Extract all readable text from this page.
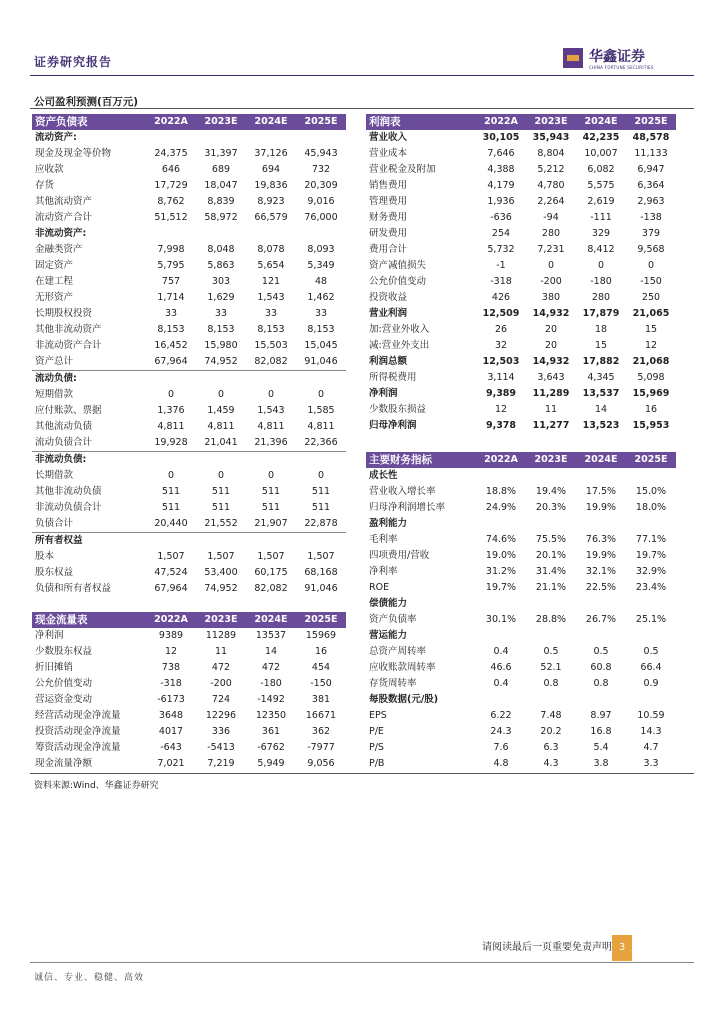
证券研究报告	华鑫证券
CHINA FORTUNE SECURITIES
公司盈利预测(百万元)
资产负债表	2022A	2023E	2024E	2025E
流动资产:				
现金及现金等价物	24,375	31,397	37,126	45,943
应收款	646	689	694	732
存货	17,729	18,047	19,836	20,309
其他流动资产	8,762	8,839	8,923	9,016
流动资产合计	51,512	58,972	66,579	76,000
非流动资产:				
金融类资产	7,998	8,048	8,078	8,093
固定资产	5,795	5,863	5,654	5,349
在建工程	757	303	121	48
无形资产	1,714	1,629	1,543	1,462
长期股权投资	33	33	33	33
其他非流动资产	8,153	8,153	8,153	8,153
非流动资产合计	16,452	15,980	15,503	15,045
资产总计	67,964	74,952	82,082	91,046
流动负债:				
短期借款	0	0	0	0
应付账款、票据	1,376	1,459	1,543	1,585
其他流动负债	4,811	4,811	4,811	4,811
流动负债合计	19,928	21,041	21,396	22,366
非流动负债:				
长期借款	0	0	0	0
其他非流动负债	511	511	511	511
非流动负债合计	511	511	511	511
负债合计	20,440	21,552	21,907	22,878
所有者权益				
股本	1,507	1,507	1,507	1,507
股东权益	47,524	53,400	60,175	68,168
负债和所有者权益	67,964	74,952	82,082	91,046
利润表	2022A	2023E	2024E	2025E
营业收入	30,105	35,943	42,235	48,578
营业成本	7,646	8,804	10,007	11,133
营业税金及附加	4,388	5,212	6,082	6,947
销售费用	4,179	4,780	5,575	6,364
管理费用	1,936	2,264	2,619	2,963
财务费用	-636	-94	-111	-138
研发费用	254	280	329	379
费用合计	5,732	7,231	8,412	9,568
资产减值损失	-1	0	0	0
公允价值变动	-318	-200	-180	-150
投资收益	426	380	280	250
营业利润	12,509	14,932	17,879	21,065
加:营业外收入	26	20	18	15
减:营业外支出	32	20	15	12
利润总额	12,503	14,932	17,882	21,068
所得税费用	3,114	3,643	4,345	5,098
净利润	9,389	11,289	13,537	15,969
少数股东损益	12	11	14	16
归母净利润	9,378	11,277	13,523	15,953
主要财务指标	2022A	2023E	2024E	2025E
成长性				
营业收入增长率	18.8%	19.4%	17.5%	15.0%
归母净利润增长率	24.9%	20.3%	19.9%	18.0%
盈利能力				
毛利率	74.6%	75.5%	76.3%	77.1%
四项费用/营收	19.0%	20.1%	19.9%	19.7%
净利率	31.2%	31.4%	32.1%	32.9%
ROE	19.7%	21.1%	22.5%	23.4%
偿债能力				
资产负债率	30.1%	28.8%	26.7%	25.1%
营运能力				
总资产周转率	0.4	0.5	0.5	0.5
应收账款周转率	46.6	52.1	60.8	66.4
存货周转率	0.4	0.8	0.8	0.9
每股数据(元/股)				
EPS	6.22	7.48	8.97	10.59
P/E	24.3	20.2	16.8	14.3
P/S	7.6	6.3	5.4	4.7
P/B	4.8	4.3	3.8	3.3
现金流量表	2022A	2023E	2024E	2025E
净利润	9389	11289	13537	15969
少数股东权益	12	11	14	16
折旧摊销	738	472	472	454
公允价值变动	-318	-200	-180	-150
营运资金变动	-6173	724	-1492	381
经营活动现金净流量	3648	12296	12350	16671
投资活动现金净流量	4017	336	361	362
筹资活动现金净流量	-643	-5413	-6762	-7977
现金流量净额	7,021	7,219	5,949	9,056
资料来源:Wind、华鑫证券研究
请阅读最后一页重要免责声明 3
诚信、专业、稳健、高效
